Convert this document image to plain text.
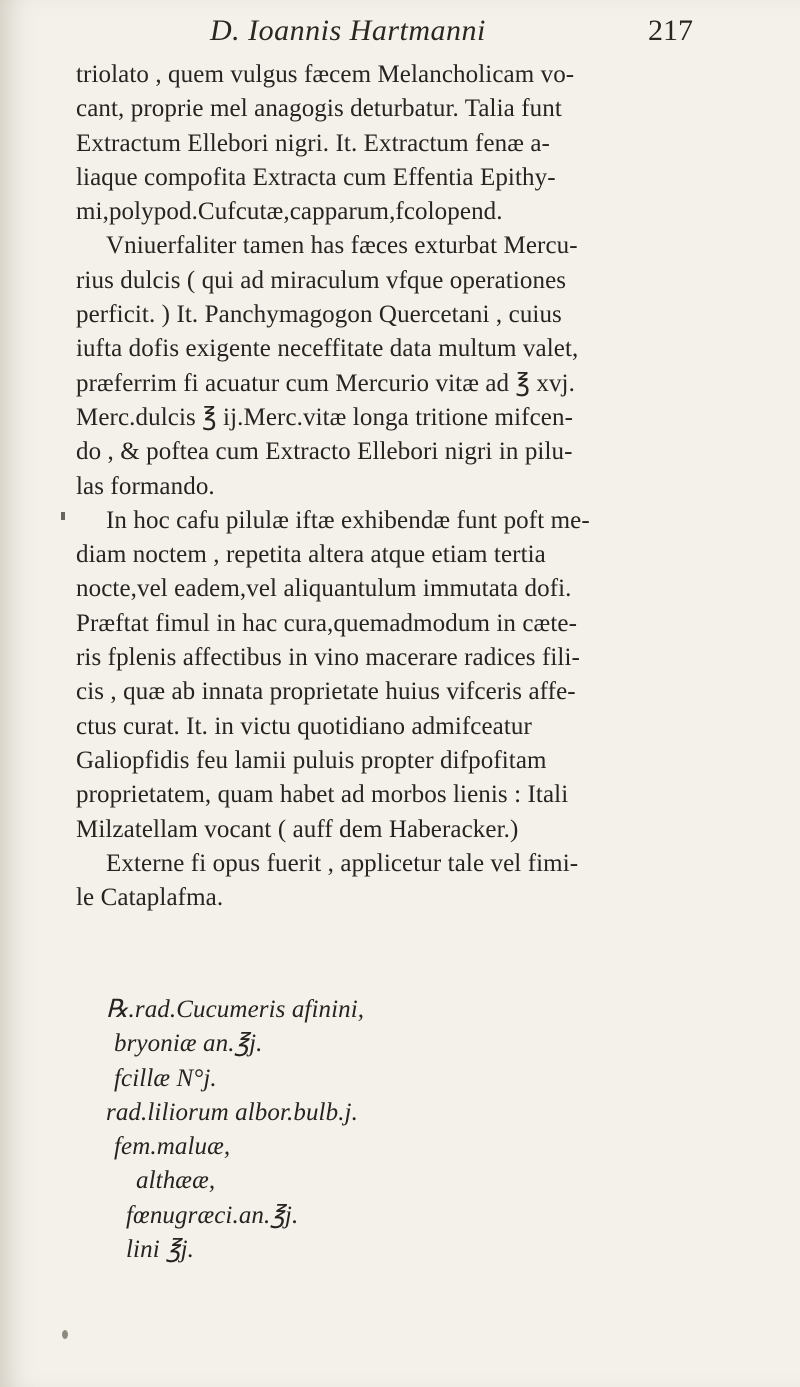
D. Ioannis Hartmanni	217
triolato , quem vulgus fæcem Melancholicam vo-
cant, proprie mel anagogis deturbatur. Talia funt
Extractum Ellebori nigri. It. Extractum fenæ a-
liaque compofita Extracta cum Effentia Epithy-
mi,polypod.Cufcutæ,capparum,fcolopend.
Vniuerfaliter tamen has fæces exturbat Mercu-
rius dulcis ( qui ad miraculum vfque operationes
perficit. ) It. Panchymagogon Quercetani , cuius
iufta dofis exigente neceffitate data multum valet,
præferrim fi acuatur cum Mercurio vitæ ad ℥ xvj.
Merc.dulcis ℥ ij.Merc.vitæ longa tritione mifcen-
do , & poftea cum Extracto Ellebori nigri in pilu-
las formando.
In hoc cafu pilulæ iftæ exhibendæ funt poft me-
diam noctem , repetita altera atque etiam tertia
nocte,vel eadem,vel aliquantulum immutata dofi.
Præftat fimul in hac cura,quemadmodum in cæte-
ris fplenis affectibus in vino macerare radices fili-
cis , quæ ab innata proprietate huius vifceris affe-
ctus curat. It. in victu quotidiano admifceatur
Galiopfidis feu lamii puluis propter difpofitam
proprietatem, quam habet ad morbos lienis : Itali
Milzatellam vocant ( auff dem Haberacker.)
Externe fi opus fuerit , applicetur tale vel fimi-
le Cataplafma.
℞.rad.Cucumeris afinini,
bryoniæ an.℥j.
fcillæ N°j.
rad.liliorum albor.bulb.j.
fem.maluæ,
althææ,
fœnugræci.an.℥j.
lini ℥j.
